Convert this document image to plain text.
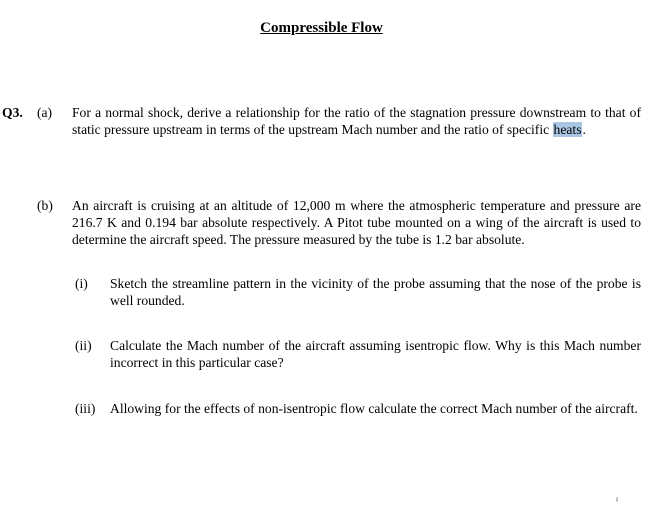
Compressible Flow
Q3.	(a)	For a normal shock, derive a relationship for the ratio of the stagnation pressure downstream to that of static pressure upstream in terms of the upstream Mach number and the ratio of specific heats.

(b)	An aircraft is cruising at an altitude of 12,000 m where the atmospheric temperature and pressure are 216.7 K and 0.194 bar absolute respectively. A Pitot tube mounted on a wing of the aircraft is used to determine the aircraft speed. The pressure measured by the tube is 1.2 bar absolute.

(i)	Sketch the streamline pattern in the vicinity of the probe assuming that the nose of the probe is well rounded.

(ii)	Calculate the Mach number of the aircraft assuming isentropic flow. Why is this Mach number incorrect in this particular case?

(iii)	Allowing for the effects of non-isentropic flow calculate the correct Mach number of the aircraft.
